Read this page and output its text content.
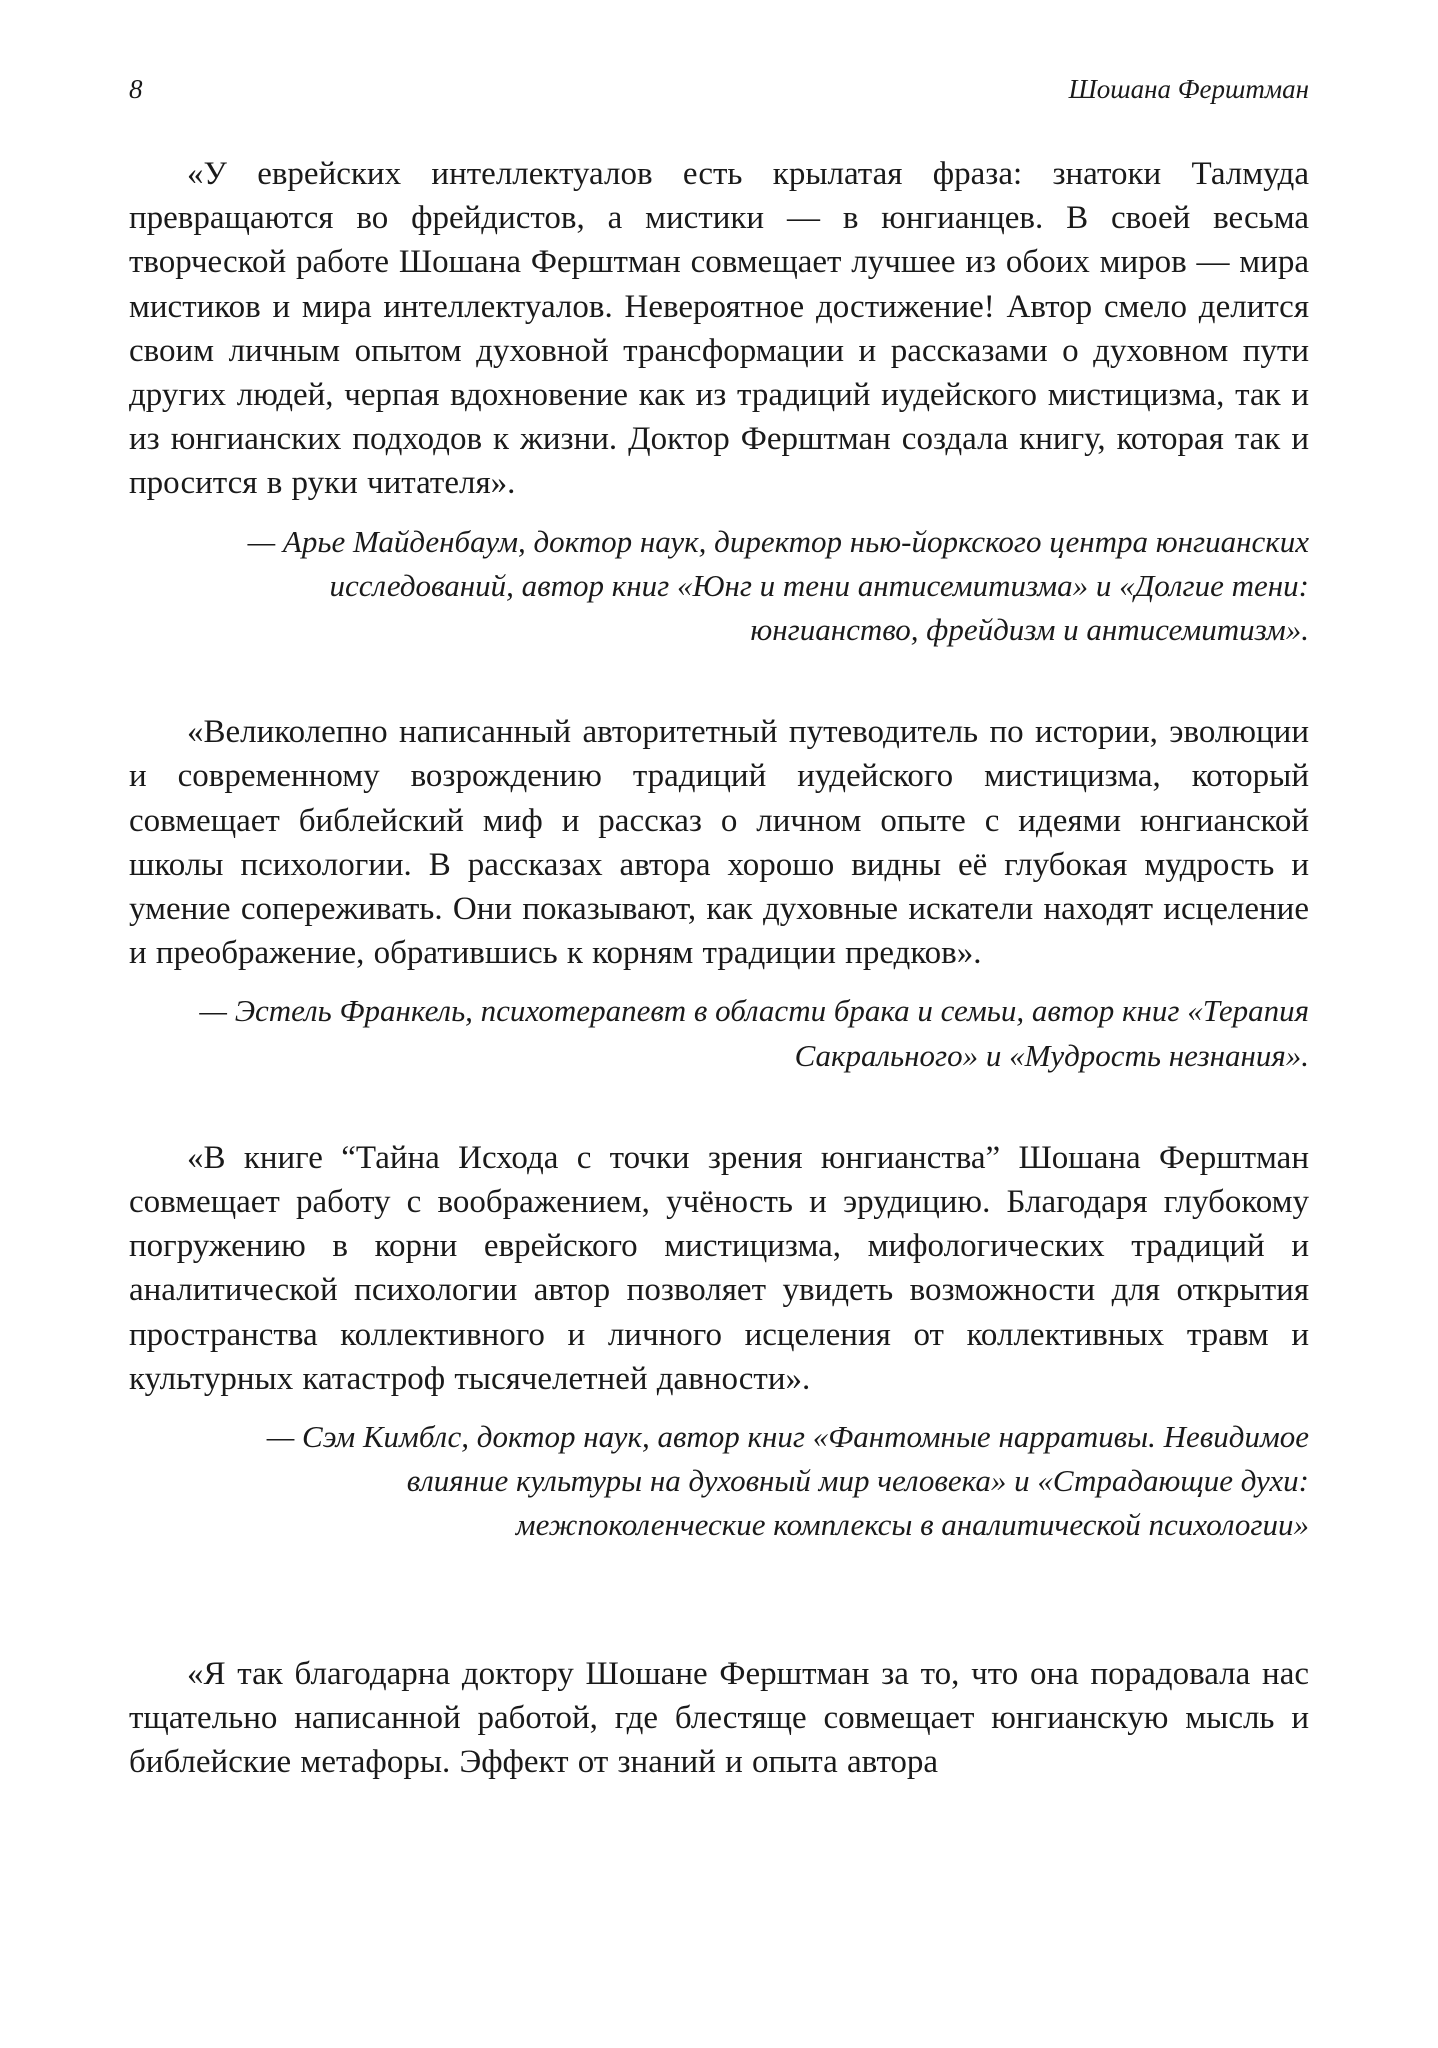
8	Шошана Ферштман

«У еврейских интеллектуалов есть крылатая фраза: знатоки Талмуда превращаются во фрейдистов, а мистики — в юнгианцев. В своей весьма творческой работе Шошана Ферштман совмещает лучшее из обоих миров — мира мистиков и мира интеллектуалов. Невероятное достижение! Автор смело делится своим личным опытом духовной трансформации и рассказами о духовном пути других людей, черпая вдохновение как из традиций иудейского мистицизма, так и из юнгианских подходов к жизни. Доктор Ферштман создала книгу, которая так и просится в руки читателя».

— Арье Майденбаум, доктор наук, директор нью-йоркского центра юнгианских исследований, автор книг «Юнг и тени антисемитизма» и «Долгие тени: юнгианство, фрейдизм и антисемитизм».

«Великолепно написанный авторитетный путеводитель по истории, эволюции и современному возрождению традиций иудейского мистицизма, который совмещает библейский миф и рассказ о личном опыте с идеями юнгианской школы психологии. В рассказах автора хорошо видны её глубокая мудрость и умение сопереживать. Они показывают, как духовные искатели находят исцеление и преображение, обратившись к корням традиции предков».

— Эстель Франкель, психотерапевт в области брака и семьи, автор книг «Терапия Сакрального» и «Мудрость незнания».

«В книге “Тайна Исхода с точки зрения юнгианства” Шошана Ферштман совмещает работу с воображением, учёность и эрудицию. Благодаря глубокому погружению в корни еврейского мистицизма, мифологических традиций и аналитической психологии автор позволяет увидеть возможности для открытия пространства коллективного и личного исцеления от коллективных травм и культурных катастроф тысячелетней давности».

— Сэм Кимблс, доктор наук, автор книг «Фантомные нарративы. Невидимое влияние культуры на духовный мир человека» и «Страдающие духи: межпоколенческие комплексы в аналитической психологии»

«Я так благодарна доктору Шошане Ферштман за то, что она порадовала нас тщательно написанной работой, где блестяще совмещает юнгианскую мысль и библейские метафоры. Эффект от знаний и опыта автора
